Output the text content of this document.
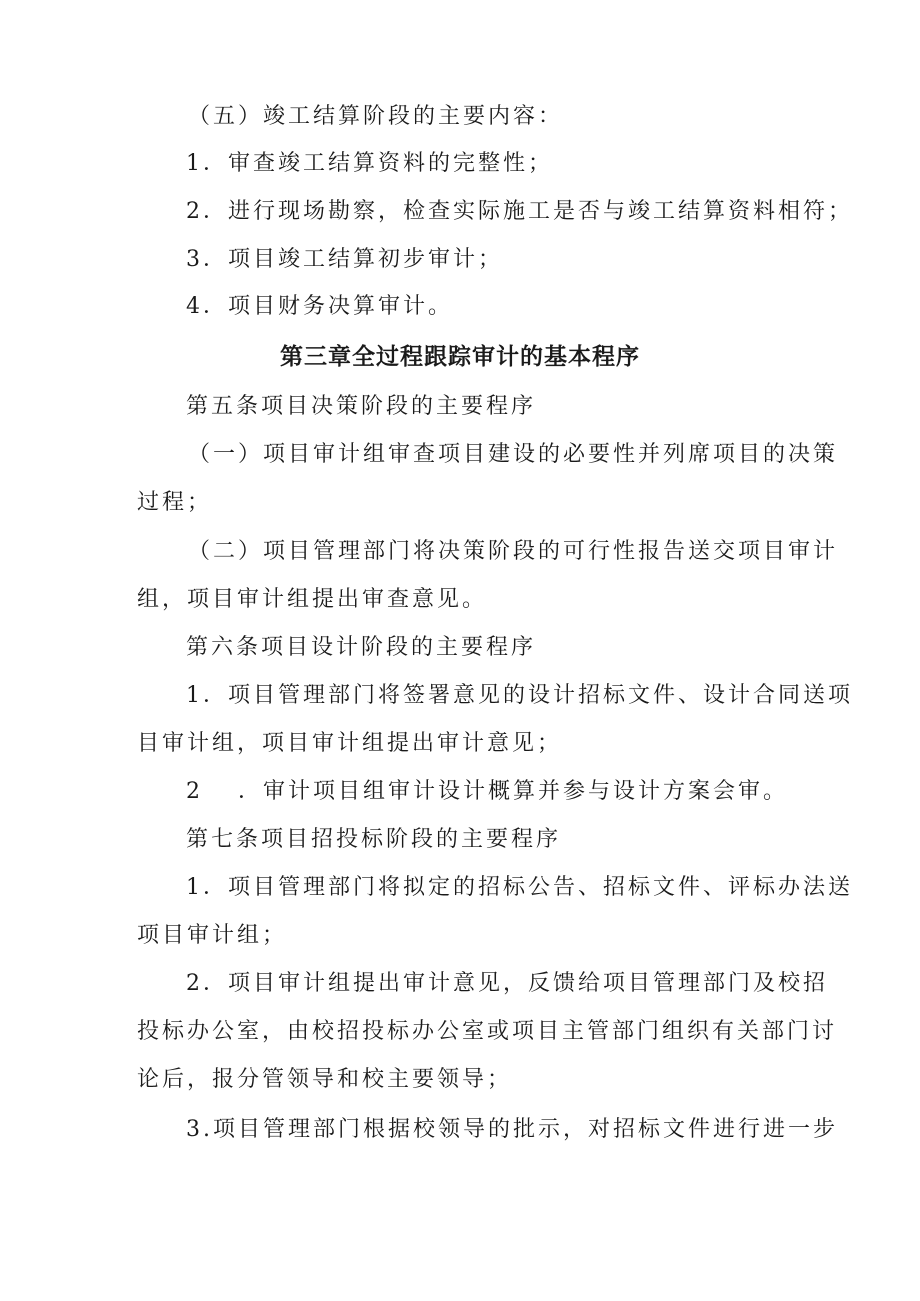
（五）竣工结算阶段的主要内容：
1．审查竣工结算资料的完整性；
2．进行现场勘察，检查实际施工是否与竣工结算资料相符；
3．项目竣工结算初步审计；
4．项目财务决算审计。
第三章全过程跟踪审计的基本程序
第五条项目决策阶段的主要程序
（一）项目审计组审查项目建设的必要性并列席项目的决策
过程；
（二）项目管理部门将决策阶段的可行性报告送交项目审计
组，项目审计组提出审查意见。
第六条项目设计阶段的主要程序
1．项目管理部门将签署意见的设计招标文件、设计合同送项
目审计组，项目审计组提出审计意见；
2 ．审计项目组审计设计概算并参与设计方案会审。
第七条项目招投标阶段的主要程序
1．项目管理部门将拟定的招标公告、招标文件、评标办法送
项目审计组；
2．项目审计组提出审计意见，反馈给项目管理部门及校招
投标办公室，由校招投标办公室或项目主管部门组织有关部门讨
论后，报分管领导和校主要领导；
3.项目管理部门根据校领导的批示，对招标文件进行进一步
